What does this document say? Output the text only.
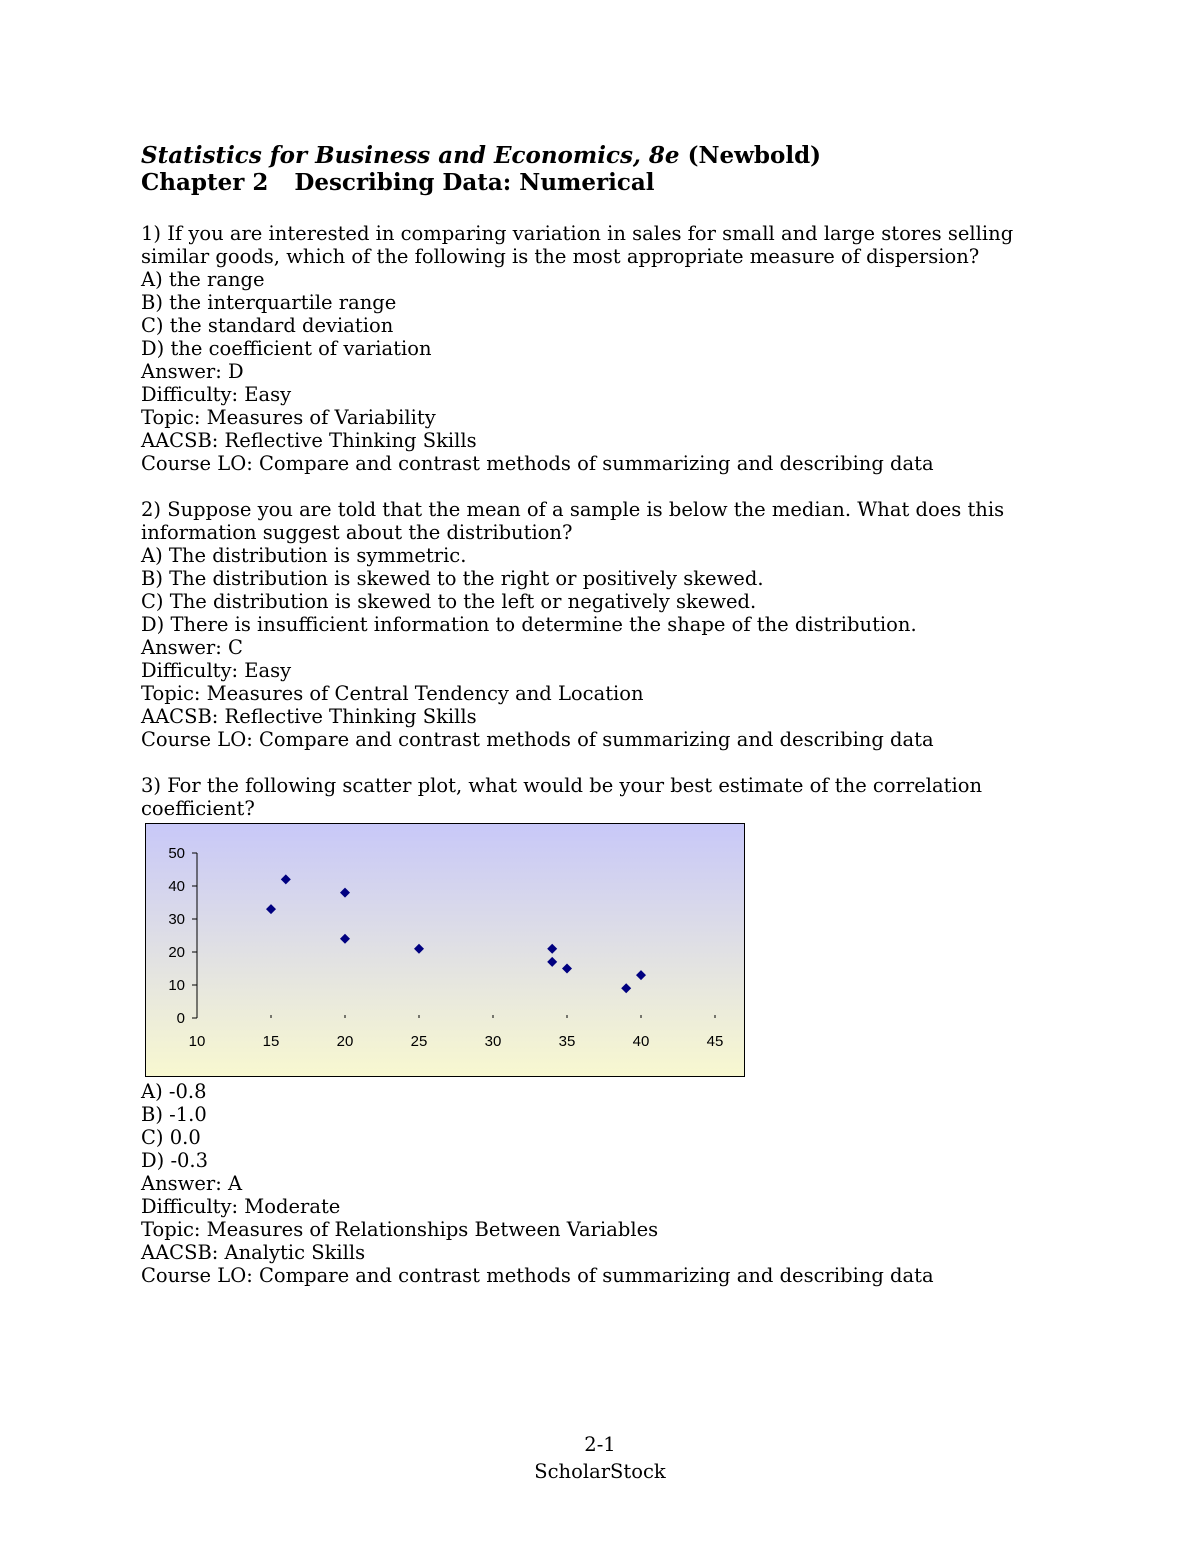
Statistics for Business and Economics, 8e (Newbold)
Chapter 2 Describing Data: Numerical
1) If you are interested in comparing variation in sales for small and large stores selling
similar goods, which of the following is the most appropriate measure of dispersion?
A) the range
B) the interquartile range
C) the standard deviation
D) the coefficient of variation
Answer: D
Difficulty: Easy
Topic: Measures of Variability
AACSB: Reflective Thinking Skills
Course LO: Compare and contrast methods of summarizing and describing data
2) Suppose you are told that the mean of a sample is below the median. What does this
information suggest about the distribution?
A) The distribution is symmetric.
B) The distribution is skewed to the right or positively skewed.
C) The distribution is skewed to the left or negatively skewed.
D) There is insufficient information to determine the shape of the distribution.
Answer: C
Difficulty: Easy
Topic: Measures of Central Tendency and Location
AACSB: Reflective Thinking Skills
Course LO: Compare and contrast methods of summarizing and describing data
3) For the following scatter plot, what would be your best estimate of the correlation
coefficient?
50
40
30
20
10
0
10	15	20	25	30	35	40	45
A) -0.8
B) -1.0
C) 0.0
D) -0.3
Answer: A
Difficulty: Moderate
Topic: Measures of Relationships Between Variables
AACSB: Analytic Skills
Course LO: Compare and contrast methods of summarizing and describing data
2-1
ScholarStock
